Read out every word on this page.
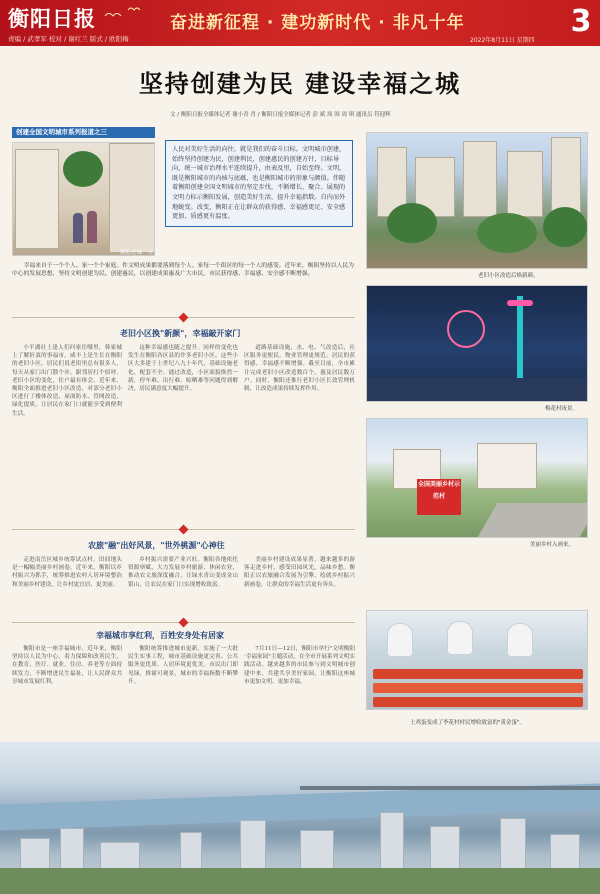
衡阳日报
责编 / 武孝军 校对 / 谢红兰 版式 / 欧阳梅
奋进新征程 · 建功新时代 · 非凡十年
2022年8月11日 星期四
3
坚持创建为民 建设幸福之城
文 / 衡阳日报全媒体记者 谢小青 肖 / 衡阳日报全媒体记者 彭 斌 周 围 周 琪 通讯员 符迎辉
创建全国文明城市系列报道之三
衡阳老城一角
人民对美好生活的向往，就是我们的奋斗目标。文明城市创建，始终坚持创建为民，创建利民，创建惠民的创建方针，目标导向，统一城市治理水平连续提升，由表及里，自始至终。文明，既是衡阳城市的内核与底蕴，也是衡阳城市的形象与颜值。伴随着衡阳创建全国文明城市的坚定步伐，不断增长、聚合、展现的文明力标示衡阳发展，创造美好生活，提升幸福指数。自内而外地蜕变。改变，衡阳正在让群众的获得感、幸福感更足、安全感更加、质感更有温度。
老旧小区改造后焕新颜。
幸福来自于一个个人、家一个个家庭。件文明成果都要落到每个人、家每一个街区的每一个人的感受。近年来，衡阳坚持以人民为中心的发展思想，坚持文明创建为民、创建惠民，以创建成果惠及广大市民，市民获得感、幸福感、安全感不断增强。
老旧小区换"新颜"，幸福敲开家门
小平湖社上逢人们问家住哪里，韩家城上了解折衷的事福市。咸丰上是生长在衡阳的老旧小区，居民们说老街里总有很多人，每天从家门出门散个步，跟邻居打个招呼。老旧小区的变化，住户最有体会。近年来，衡阳全面推进老旧小区改造，对部分老旧小区进行了楼体改造、屋面防水、管网改造、绿化提质，让居民在家门口就能享受到便利生活。
这种幸福感也随之提升。同样的变化也发生在衡阳各区县的许多老旧小区。这些小区大多建于上世纪八九十年代，基础设施老化、配套不全。通过改造，小区面貌焕然一新，停车难、出行难、晾晒难等问题得到解决，居民满意度大幅提升。
道路基础设施，水、电、气改造后，社区服务更便民。物业管理更规范。居民的获得感、幸福感不断增强。截至目前，全市累计完成老旧小区改造数百个，惠及居民数万户。同时，衡阳还推行老旧小区长效管理机制，让改造成果持续发挥作用。
梅花村夜景。
农旅"融"出好风景，"世外桃源"心神往
走进南岳区城乡统筹试点村，田间地头是一幅幅美丽乡村画卷。近年来，衡阳以乡村振兴为抓手，统筹推进农村人居环境整治和美丽乡村建设，让乡村更宜居、更美丽。
乡村振兴需要产业兴旺。衡阳各地依托资源禀赋，大力发展乡村旅游、休闲农业，推动农文旅深度融合，让绿水青山变成金山银山，让农民在家门口实现增收致富。
美丽乡村建设成果显著。越来越多的游客走进乡村，感受田园风光，品味乡愁。衡阳正以农旅融合发展为引擎，绘就乡村振兴新画卷，让群众的幸福生活更有奔头。
全国美丽乡村示范村
美丽乡村入画来。
幸福城市享红利，百姓安身处有居家
衡阳市是一座幸福城市。近年来，衡阳坚持以人民为中心，着力保障和改善民生，在教育、医疗、就业、住房、养老等方面持续发力，不断增进民生福祉，让人民群众共享城市发展红利。
衡阳统筹推进城市更新，实施了一大批民生实事工程，城市基础设施更完善、公共服务更优质、人居环境更优美。市民出门即见绿，推窗可观景，城市的幸福指数不断攀升。
7月11日—12日，衡阳市举行"文明衡阳·幸福家园"主题活动，在全市开展系列文明实践活动。越来越多的市民参与到文明城市创建中来，共建共享美好家园，让衡阳这座城市更加文明、更加幸福。
土鸡蛋变成了李花村村民增收致富的"黄金蛋"。
